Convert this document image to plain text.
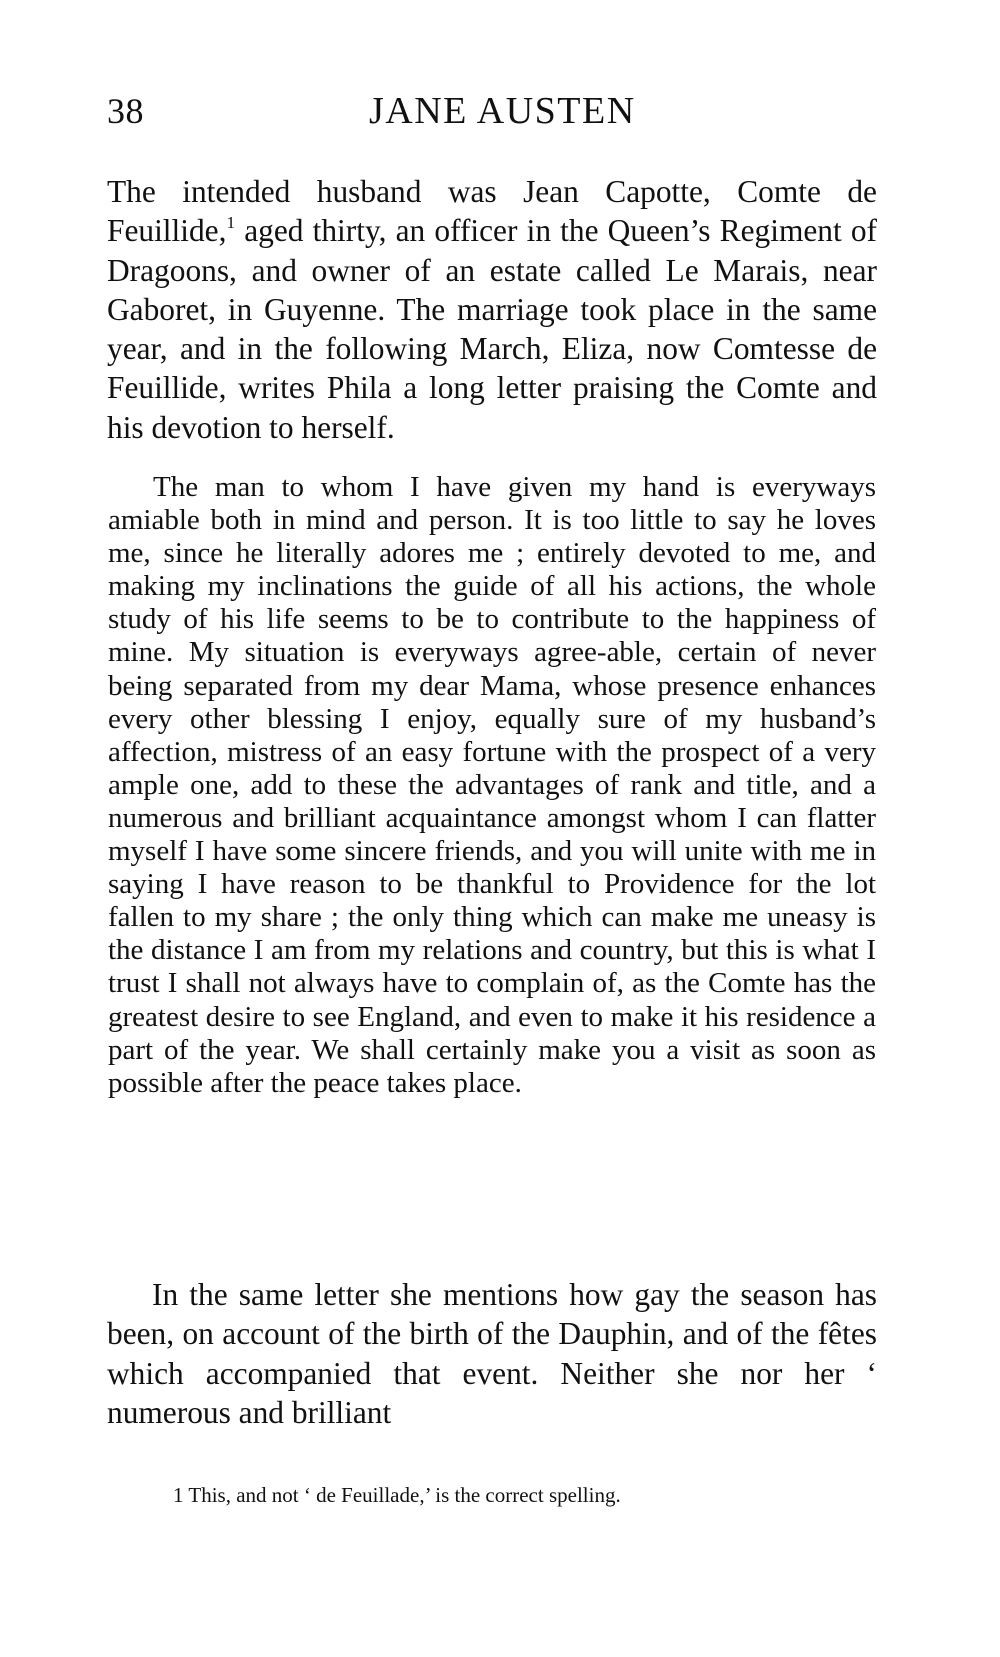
38	JANE AUSTEN

The intended husband was Jean Capotte, Comte de Feuillide,$^1$ aged thirty, an officer in the Queen’s Regiment of Dragoons, and owner of an estate called Le Marais, near Gaboret, in Guyenne. The marriage took place in the same year, and in the following March, Eliza, now Comtesse de Feuillide, writes Phila a long letter praising the Comte and his devotion to herself.

The man to whom I have given my hand is everyways amiable both in mind and person. It is too little to say he loves me, since he literally adores me ; entirely devoted to me, and making my inclinations the guide of all his actions, the whole study of his life seems to be to contribute to the happiness of mine. My situation is everyways agree-able, certain of never being separated from my dear Mama, whose presence enhances every other blessing I enjoy, equally sure of my husband’s affection, mistress of an easy fortune with the prospect of a very ample one, add to these the advantages of rank and title, and a numerous and brilliant acquaintance amongst whom I can flatter myself I have some sincere friends, and you will unite with me in saying I have reason to be thankful to Providence for the lot fallen to my share ; the only thing which can make me uneasy is the distance I am from my relations and country, but this is what I trust I shall not always have to complain of, as the Comte has the greatest desire to see England, and even to make it his residence a part of the year. We shall certainly make you a visit as soon as possible after the peace takes place.

In the same letter she mentions how gay the season has been, on account of the birth of the Dauphin, and of the fêtes which accompanied that event. Neither she nor her ‘ numerous and brilliant

1 This, and not ‘ de Feuillade,’ is the correct spelling.
